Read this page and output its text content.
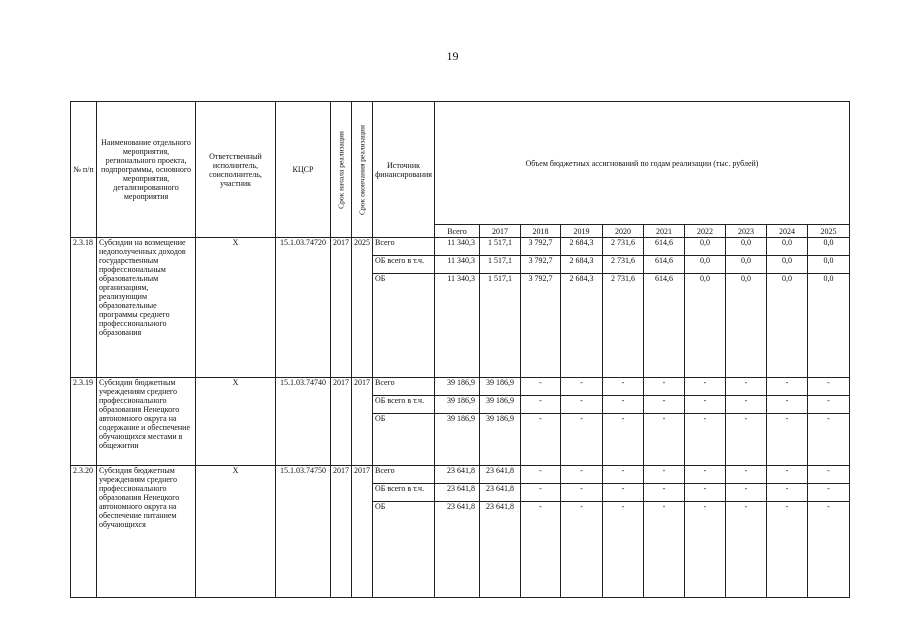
19
№ п/п	Наименование отдельного мероприятия, регионального проекта, подпрограммы, основного мероприятия, детализированного мероприятия	Ответственный исполнитель, соисполнитель, участник	КЦСР	Срок начала реализации	Срок окончания реализации	Источник финансирования	Объем бюджетных ассигнований по годам реализации (тыс. рублей)									
							Всего	2017	2018	2019	2020	2021	2022	2023	2024	2025
2.3.18	Субсидии на возмещение недополученных доходов государственным профессиональным образовательным организациям, реализующим образовательные программы среднего профессионального образования	Х	15.1.03.74720	2017	2025	Всего	11 340,3	1 517,1	3 792,7	2 684,3	2 731,6	614,6	0,0	0,0	0,0	0,0
						ОБ всего в т.ч.	11 340,3	1 517,1	3 792,7	2 684,3	2 731,6	614,6	0,0	0,0	0,0	0,0
						ОБ	11 340,3	1 517,1	3 792,7	2 684,3	2 731,6	614,6	0,0	0,0	0,0	0,0
2.3.19	Субсидии бюджетным учреждениям среднего профессионального образования Ненецкого автономного округа на содержание и обеспечение обучающихся местами в общежитии	Х	15.1.03.74740	2017	2017	Всего	39 186,9	39 186,9	-	-	-	-	-	-	-	-
						ОБ всего в т.ч.	39 186,9	39 186,9	-	-	-	-	-	-	-	-
						ОБ	39 186,9	39 186,9	-	-	-	-	-	-	-	-
2.3.20	Субсидия бюджетным учреждениям среднего профессионального образования Ненецкого автономного округа на обеспечение питанием обучающихся	Х	15.1.03.74750	2017	2017	Всего	23 641,8	23 641,8	-	-	-	-	-	-	-	-
						ОБ всего в т.ч.	23 641,8	23 641,8	-	-	-	-	-	-	-	-
						ОБ	23 641,8	23 641,8	-	-	-	-	-	-	-	-
